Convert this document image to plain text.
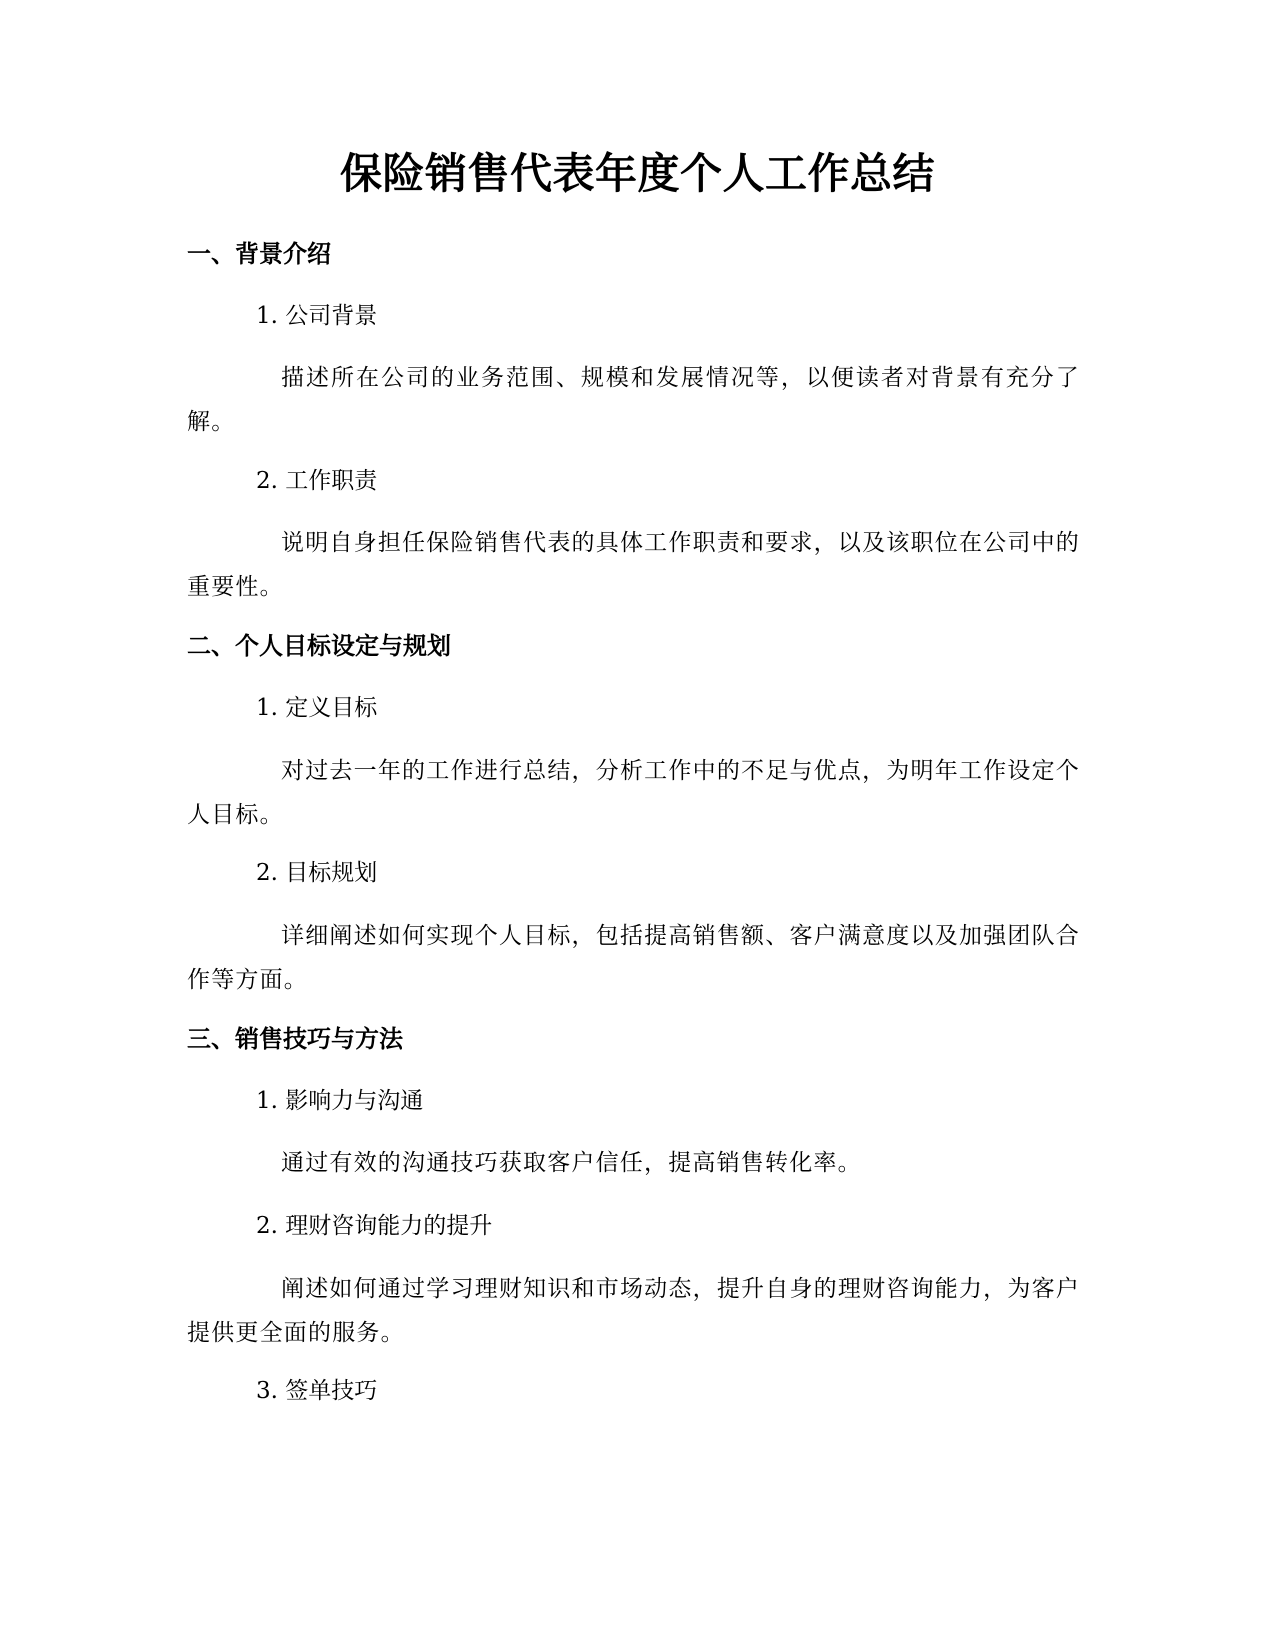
保险销售代表年度个人工作总结
一、背景介绍
1. 公司背景

描述所在公司的业务范围、规模和发展情况等，以便读者对背景有充分了解。

2. 工作职责

说明自身担任保险销售代表的具体工作职责和要求，以及该职位在公司中的重要性。

二、个人目标设定与规划
1. 定义目标

对过去一年的工作进行总结，分析工作中的不足与优点，为明年工作设定个人目标。

2. 目标规划

详细阐述如何实现个人目标，包括提高销售额、客户满意度以及加强团队合作等方面。

三、销售技巧与方法
1. 影响力与沟通

通过有效的沟通技巧获取客户信任，提高销售转化率。

2. 理财咨询能力的提升

阐述如何通过学习理财知识和市场动态，提升自身的理财咨询能力，为客户提供更全面的服务。

3. 签单技巧
